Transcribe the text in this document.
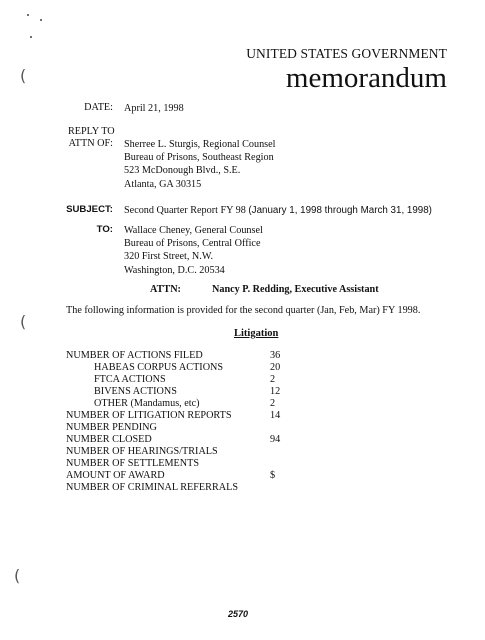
(
(
(
UNITED STATES GOVERNMENT
memorandum
DATE: April 21, 1998
REPLY TO
ATTN OF: Sherree L. Sturgis, Regional Counsel
Bureau of Prisons, Southeast Region
523 McDonough Blvd., S.E.
Atlanta, GA 30315
SUBJECT: Second Quarter Report FY 98 (January 1, 1998 through March 31, 1998)
TO: Wallace Cheney, General Counsel
Bureau of Prisons, Central Office
320 First Street, N.W.
Washington, D.C. 20534
ATTN:	Nancy P. Redding, Executive Assistant
The following information is provided for the second quarter (Jan, Feb, Mar) FY 1998.
Litigation
NUMBER OF ACTIONS FILED	36
HABEAS CORPUS ACTIONS	20
FTCA ACTIONS	2
BIVENS ACTIONS	12
OTHER (Mandamus, etc)	2
NUMBER OF LITIGATION REPORTS	14
NUMBER PENDING
NUMBER CLOSED	94
NUMBER OF HEARINGS/TRIALS
NUMBER OF SETTLEMENTS
AMOUNT OF AWARD	$
NUMBER OF CRIMINAL REFERRALS
2570
